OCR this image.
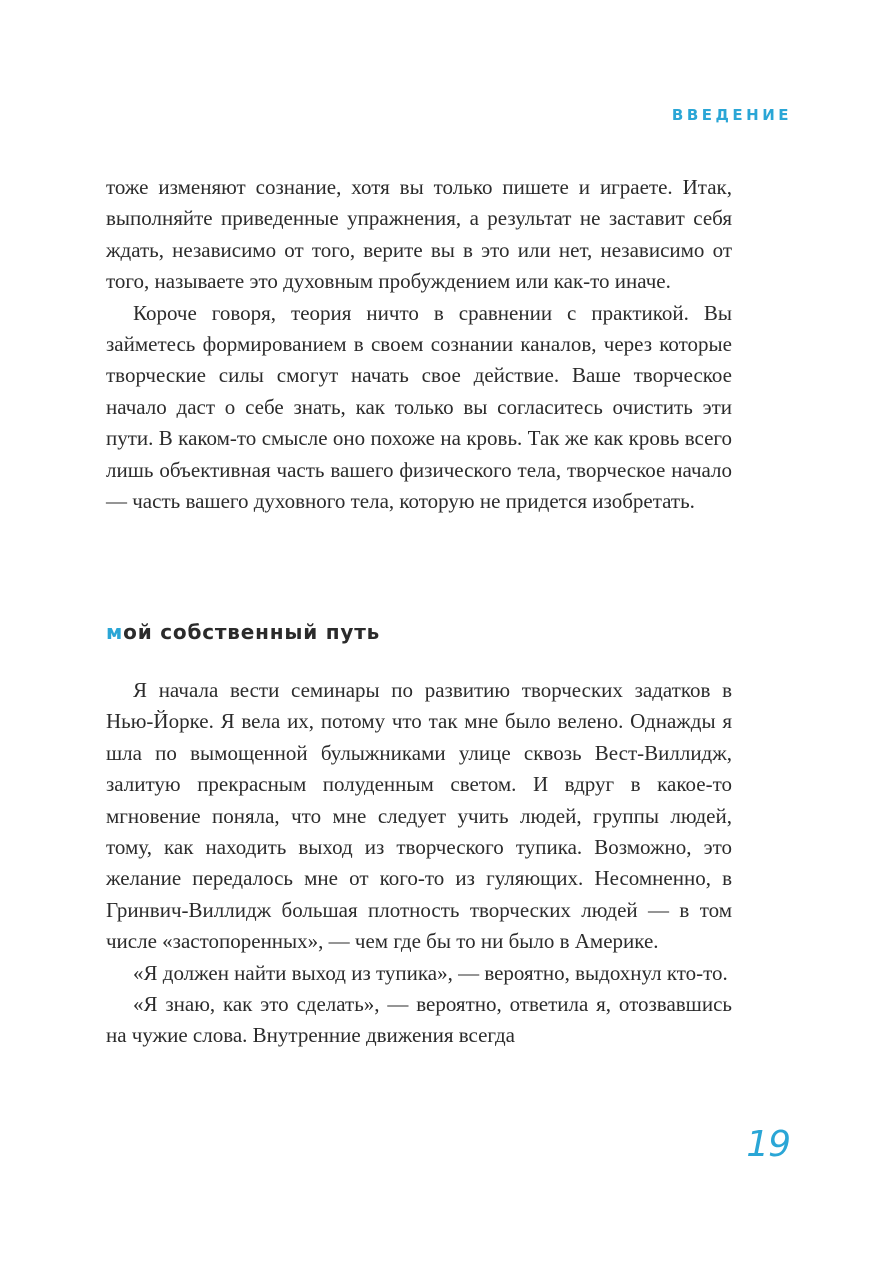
ВВЕДЕНИЕ

тоже изменяют сознание, хотя вы только пишете и играете. Итак, выполняйте приведенные упражнения, а результат не заставит себя ждать, независимо от того, верите вы в это или нет, независимо от того, называете это духовным пробуждением или как-то иначе.

Короче говоря, теория ничто в сравнении с практикой. Вы займетесь формированием в своем сознании каналов, через которые творческие силы смогут начать свое действие. Ваше творческое начало даст о себе знать, как только вы согласитесь очистить эти пути. В каком-то смысле оно похоже на кровь. Так же как кровь всего лишь объективная часть вашего физического тела, творческое начало — часть вашего духовного тела, которую не придется изобретать.

мой собственный путь

Я начала вести семинары по развитию творческих задатков в Нью-Йорке. Я вела их, потому что так мне было велено. Однажды я шла по вымощенной булыжниками улице сквозь Вест-Виллидж, залитую прекрасным полуденным светом. И вдруг в какое-то мгновение поняла, что мне следует учить людей, группы людей, тому, как находить выход из творческого тупика. Возможно, это желание передалось мне от кого-то из гуляющих. Несомненно, в Гринвич-Виллидж большая плотность творческих людей — в том числе «застопоренных», — чем где бы то ни было в Америке.

«Я должен найти выход из тупика», — вероятно, выдохнул кто-то.

«Я знаю, как это сделать», — вероятно, ответила я, отозвавшись на чужие слова. Внутренние движения всегда

19
